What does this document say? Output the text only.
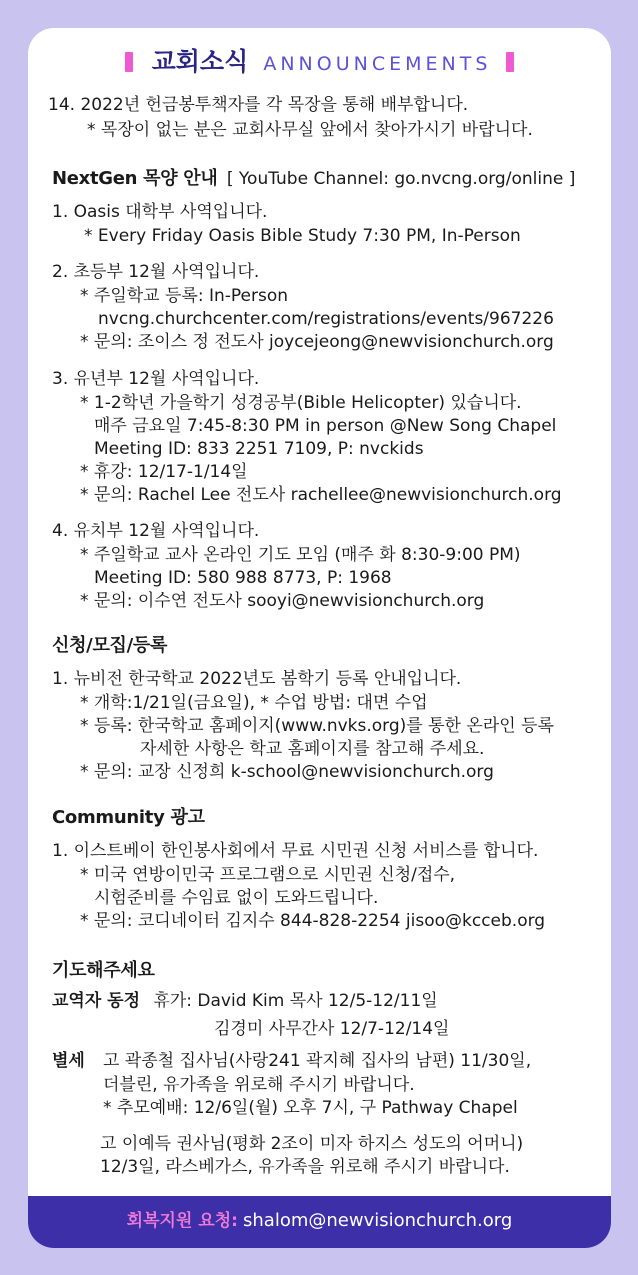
교회소식 ANNOUNCEMENTS
14. 2022년 헌금봉투책자를 각 목장을 통해 배부합니다.
* 목장이 없는 분은 교회사무실 앞에서 찾아가시기 바랍니다.
NextGen 목양 안내 [ YouTube Channel: go.nvcng.org/online ]
1. Oasis 대학부 사역입니다.
* Every Friday Oasis Bible Study 7:30 PM, In-Person
2. 초등부 12월 사역입니다.
* 주일학교 등록: In-Person
nvcng.churchcenter.com/registrations/events/967226
* 문의: 조이스 정 전도사 joycejeong@newvisionchurch.org
3. 유년부 12월 사역입니다.
* 1-2학년 가을학기 성경공부(Bible Helicopter) 있습니다.
매주 금요일 7:45-8:30 PM in person @New Song Chapel
Meeting ID: 833 2251 7109, P: nvckids
* 휴강: 12/17-1/14일
* 문의: Rachel Lee 전도사 rachellee@newvisionchurch.org
4. 유치부 12월 사역입니다.
* 주일학교 교사 온라인 기도 모임 (매주 화 8:30-9:00 PM)
Meeting ID: 580 988 8773, P: 1968
* 문의: 이수연 전도사 sooyi@newvisionchurch.org
신청/모집/등록
1. 뉴비전 한국학교 2022년도 봄학기 등록 안내입니다.
* 개학:1/21일(금요일), * 수업 방법: 대면 수업
* 등록: 한국학교 홈페이지(www.nvks.org)를 통한 온라인 등록
자세한 사항은 학교 홈페이지를 참고해 주세요.
* 문의: 교장 신정희 k-school@newvisionchurch.org
Community 광고
1. 이스트베이 한인봉사회에서 무료 시민권 신청 서비스를 합니다.
* 미국 연방이민국 프로그램으로 시민권 신청/접수,
시험준비를 수임료 없이 도와드립니다.
* 문의: 코디네이터 김지수 844-828-2254 jisoo@kcceb.org
기도해주세요
교역자 동정 휴가: David Kim 목사 12/5-12/11일
김경미 사무간사 12/7-12/14일
별세 고 곽종철 집사님(사랑241 곽지혜 집사의 남편) 11/30일,
더블린, 유가족을 위로해 주시기 바랍니다.
* 추모예배: 12/6일(월) 오후 7시, 구 Pathway Chapel
고 이예득 권사님(평화 2조이 미자 하지스 성도의 어머니)
12/3일, 라스베가스, 유가족을 위로해 주시기 바랍니다.
회복지원 요청: shalom@newvisionchurch.org
